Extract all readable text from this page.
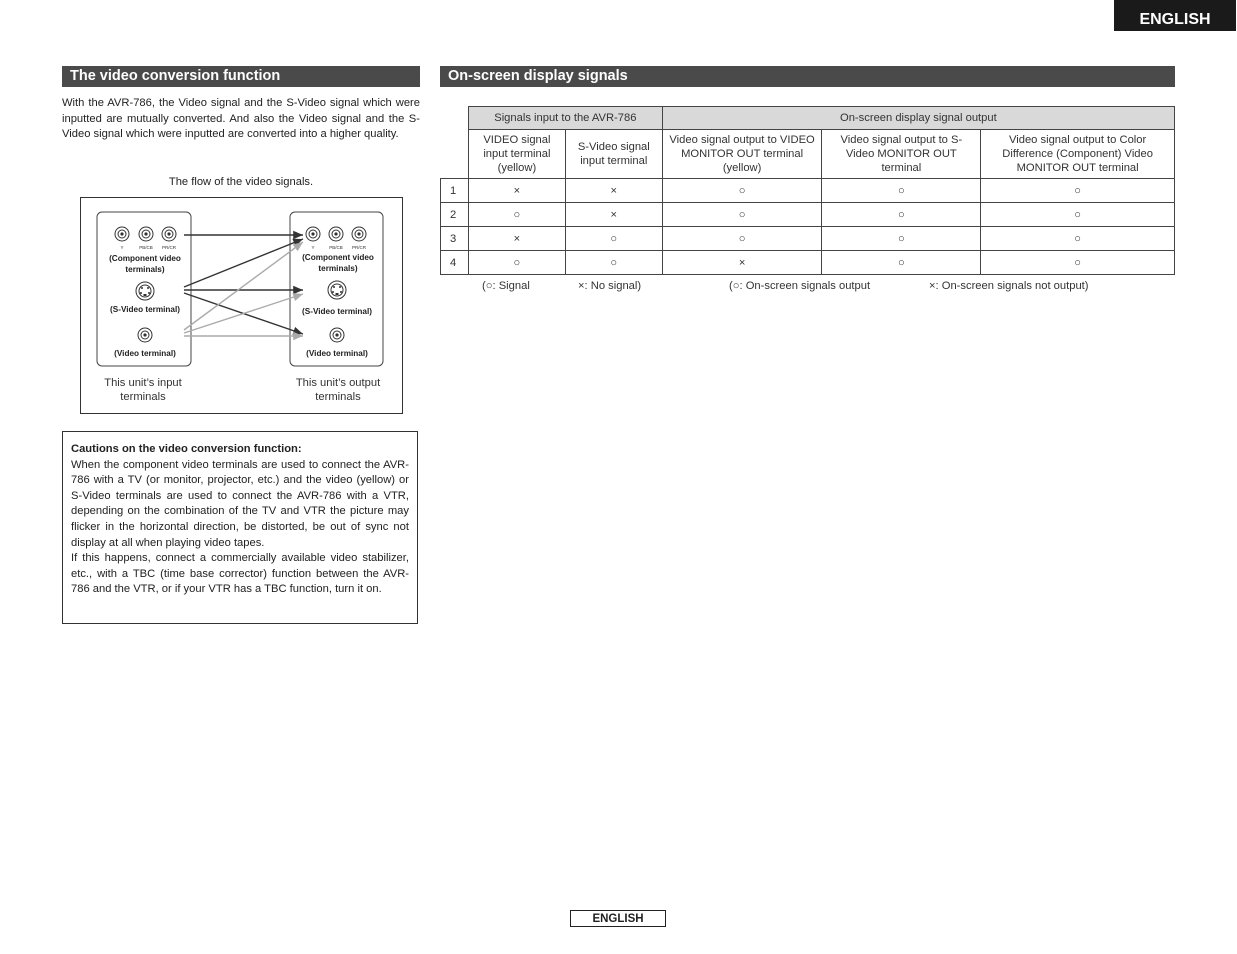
ENGLISH
The video conversion function
With the AVR-786, the Video signal and the S-Video signal which were inputted are mutually converted. And also the Video signal and the S-Video signal which were inputted are converted into a higher quality.
The flow of the video signals.
Y	PB/CB PR/CR
(Component video
terminals)
(S-Video terminal)
(Video terminal)
Y	PB/CB PR/CR
(Component video
terminals)
(S-Video terminal)
(Video terminal)
This unit’s input
terminals
This unit’s output
terminals
Cautions on the video conversion function:
When the component video terminals are used to connect the AVR-786 with a TV (or monitor, projector, etc.) and the video (yellow) or S-Video terminals are used to connect the AVR-786 with a VTR, depending on the combination of the TV and VTR the picture may flicker in the horizontal direction, be distorted, be out of sync not display at all when playing video tapes.
If this happens, connect a commercially available video stabilizer, etc., with a TBC (time base corrector) function between the AVR-786 and the VTR, or if your VTR has a TBC function, turn it on.
On-screen display signals
	Signals input to the AVR-786		On-screen display signal output		
	VIDEO signal input terminal (yellow)	S-Video signal input terminal	Video signal output to VIDEO MONITOR OUT terminal (yellow)	Video signal output to S-Video MONITOR OUT terminal	Video signal output to Color Difference (Component) Video MONITOR OUT terminal
1	×	×	○	○	○
2	○	×	○	○	○
3	×	○	○	○	○
4	○	○	×	○	○
(○: Signal	×: No signal)	(○: On-screen signals output	×: On-screen signals not output)
ENGLISH
